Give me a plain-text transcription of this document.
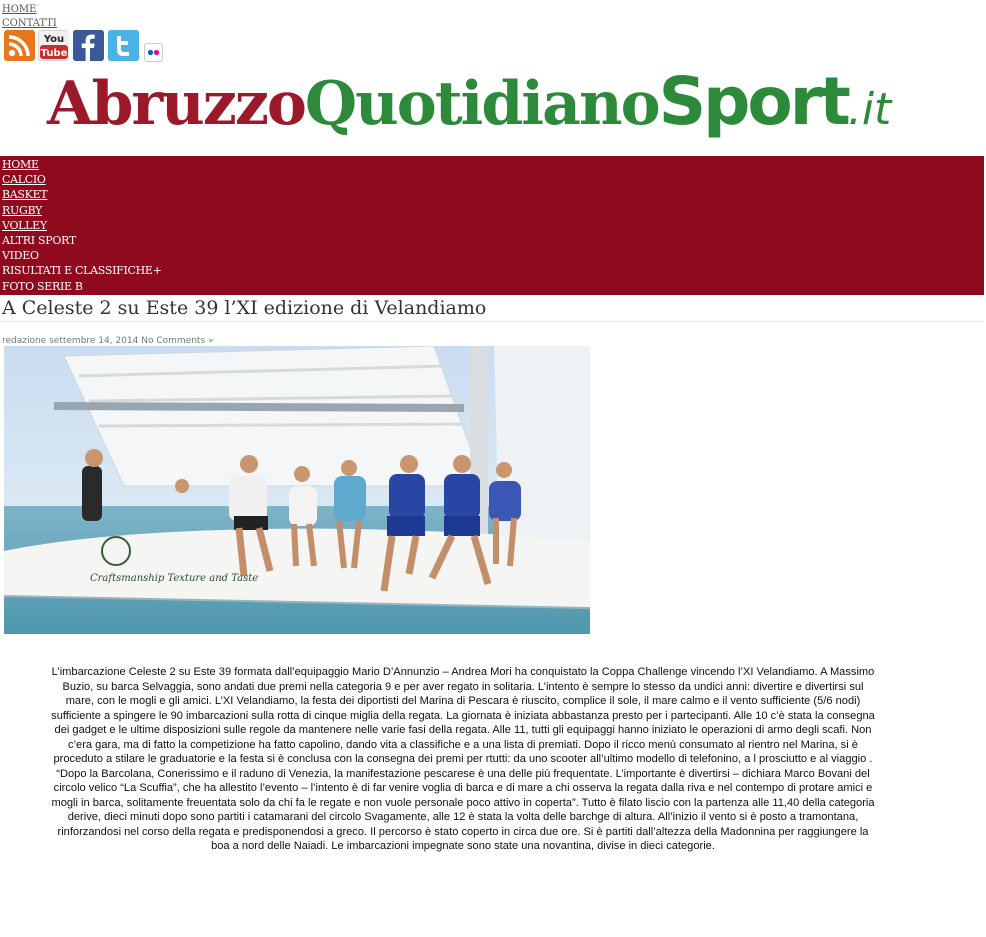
HOME
CONTATTI
You
Tube
AbruzzoQuotidianoSport.it
HOME
CALCIO
BASKET
RUGBY
VOLLEY
ALTRI SPORT
VIDEO
RISULTATI E CLASSIFICHE+
FOTO SERIE B
A Celeste 2 su Este 39 l’XI edizione di Velandiamo
redazione settembre 14, 2014 No Comments »
Craftsmanship Texture and Taste

L’imbarcazione Celeste 2 su Este 39 formata dall’equipaggio Mario D’Annunzio – Andrea Mori ha conquistato la Coppa Challenge vincendo l’XI Velandiamo. A Massimo Buzio, su barca Selvaggia, sono andati due premi nella categoria 9 e per aver regato in solitaria. L’intento è sempre lo stesso da undici anni: divertire e divertirsi sul mare, con le mogli e gli amici. L’XI Velandiamo, la festa dei diportisti del Marina di Pescara è riuscito, complice il sole, il mare calmo e il vento sufficiente (5/6 nodi) sufficiente a spingere le 90 imbarcazioni sulla rotta di cinque miglia della regata. La giornata è iniziata abbastanza presto per i partecipanti. Alle 10 c’è stata la consegna dei gadget e le ultime disposizioni sulle regole da mantenere nelle varie fasi della regata. Alle 11, tutti gli equipaggi hanno iniziato le operazioni di armo degli scafi. Non c’era gara, ma di fatto la competizione ha fatto capolino, dando vita a classifiche e a una lista di premiati. Dopo il ricco menù consumato al rientro nel Marina, si è proceduto a stilare le graduatorie e la festa si è conclusa con la consegna dei premi per rtutti: da uno scooter all’ultimo modello di telefonino, a l prosciutto e al viaggio . “Dopo la Barcolana, Conerissimo e il raduno di Venezia, la manifestazione pescarese è una delle più frequentate. L’importante è divertirsi – dichiara Marco Bovani del circolo velico “La Scuffia”, che ha allestito l’evento – l’intento è di far venire voglia di barca e di mare a chi osserva la regata dalla riva e nel contempo di protare amici e mogli in barca, solitamente freuentata solo da chi fa le regate e non vuole personale poco attivo in coperta”. Tutto è filato liscio con la partenza alle 11,40 della categoria derive, dieci minuti dopo sono partiti i catamarani del circolo Svagamente, alle 12 è stata la volta delle barchge di altura. All’inizio il vento si è posto a tramontana, rinforzandosi nel corso della regata e predisponendosi a greco. Il percorso è stato coperto in circa due ore. Si è partiti dall’altezza della Madonnina per raggiungere la boa a nord delle Naiadi. Le imbarcazioni impegnate sono state una novantina, divise in dieci categorie.
